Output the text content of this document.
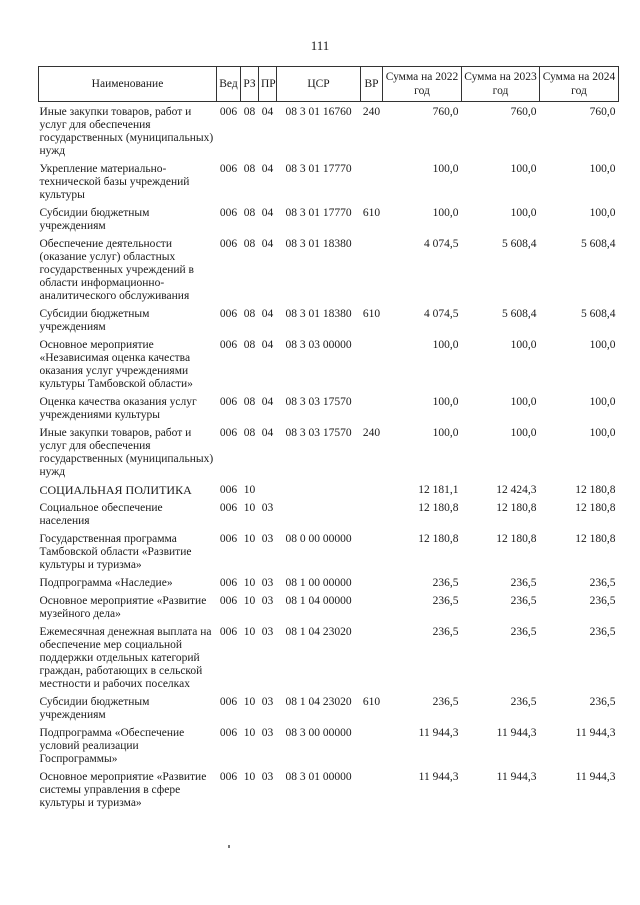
111
Наименование	Вед	РЗ	ПР	ЦСР	ВР	Сумма на 2022 год	Сумма на 2023 год	Сумма на 2024 год
Иные закупки товаров, работ и услуг для обеспечения государственных (муниципальных) нужд	006	08	04	08 3 01 16760	240	760,0	760,0	760,0
Укрепление материально-технической базы учреждений культуры	006	08	04	08 3 01 17770		100,0	100,0	100,0
Субсидии бюджетным учреждениям	006	08	04	08 3 01 17770	610	100,0	100,0	100,0
Обеспечение деятельности (оказание услуг) областных государственных учреждений в области информационно-аналитического обслуживания	006	08	04	08 3 01 18380		4 074,5	5 608,4	5 608,4
Субсидии бюджетным учреждениям	006	08	04	08 3 01 18380	610	4 074,5	5 608,4	5 608,4
Основное мероприятие «Независимая оценка качества оказания услуг учреждениями культуры Тамбовской области»	006	08	04	08 3 03 00000		100,0	100,0	100,0
Оценка качества оказания услуг учреждениями культуры	006	08	04	08 3 03 17570		100,0	100,0	100,0
Иные закупки товаров, работ и услуг для обеспечения государственных (муниципальных) нужд	006	08	04	08 3 03 17570	240	100,0	100,0	100,0
СОЦИАЛЬНАЯ ПОЛИТИКА	006	10				12 181,1	12 424,3	12 180,8
Социальное обеспечение населения	006	10	03			12 180,8	12 180,8	12 180,8
Государственная программа Тамбовской области «Развитие культуры и туризма»	006	10	03	08 0 00 00000		12 180,8	12 180,8	12 180,8
Подпрограмма «Наследие»	006	10	03	08 1 00 00000		236,5	236,5	236,5
Основное мероприятие «Развитие музейного дела»	006	10	03	08 1 04 00000		236,5	236,5	236,5
Ежемесячная денежная выплата на обеспечение мер социальной поддержки отдельных категорий граждан, работающих в сельской местности и рабочих поселках	006	10	03	08 1 04 23020		236,5	236,5	236,5
Субсидии бюджетным учреждениям	006	10	03	08 1 04 23020	610	236,5	236,5	236,5
Подпрограмма «Обеспечение условий реализации Госпрограммы»	006	10	03	08 3 00 00000		11 944,3	11 944,3	11 944,3
Основное мероприятие «Развитие системы управления в сфере культуры и туризма»	006	10	03	08 3 01 00000		11 944,3	11 944,3	11 944,3
